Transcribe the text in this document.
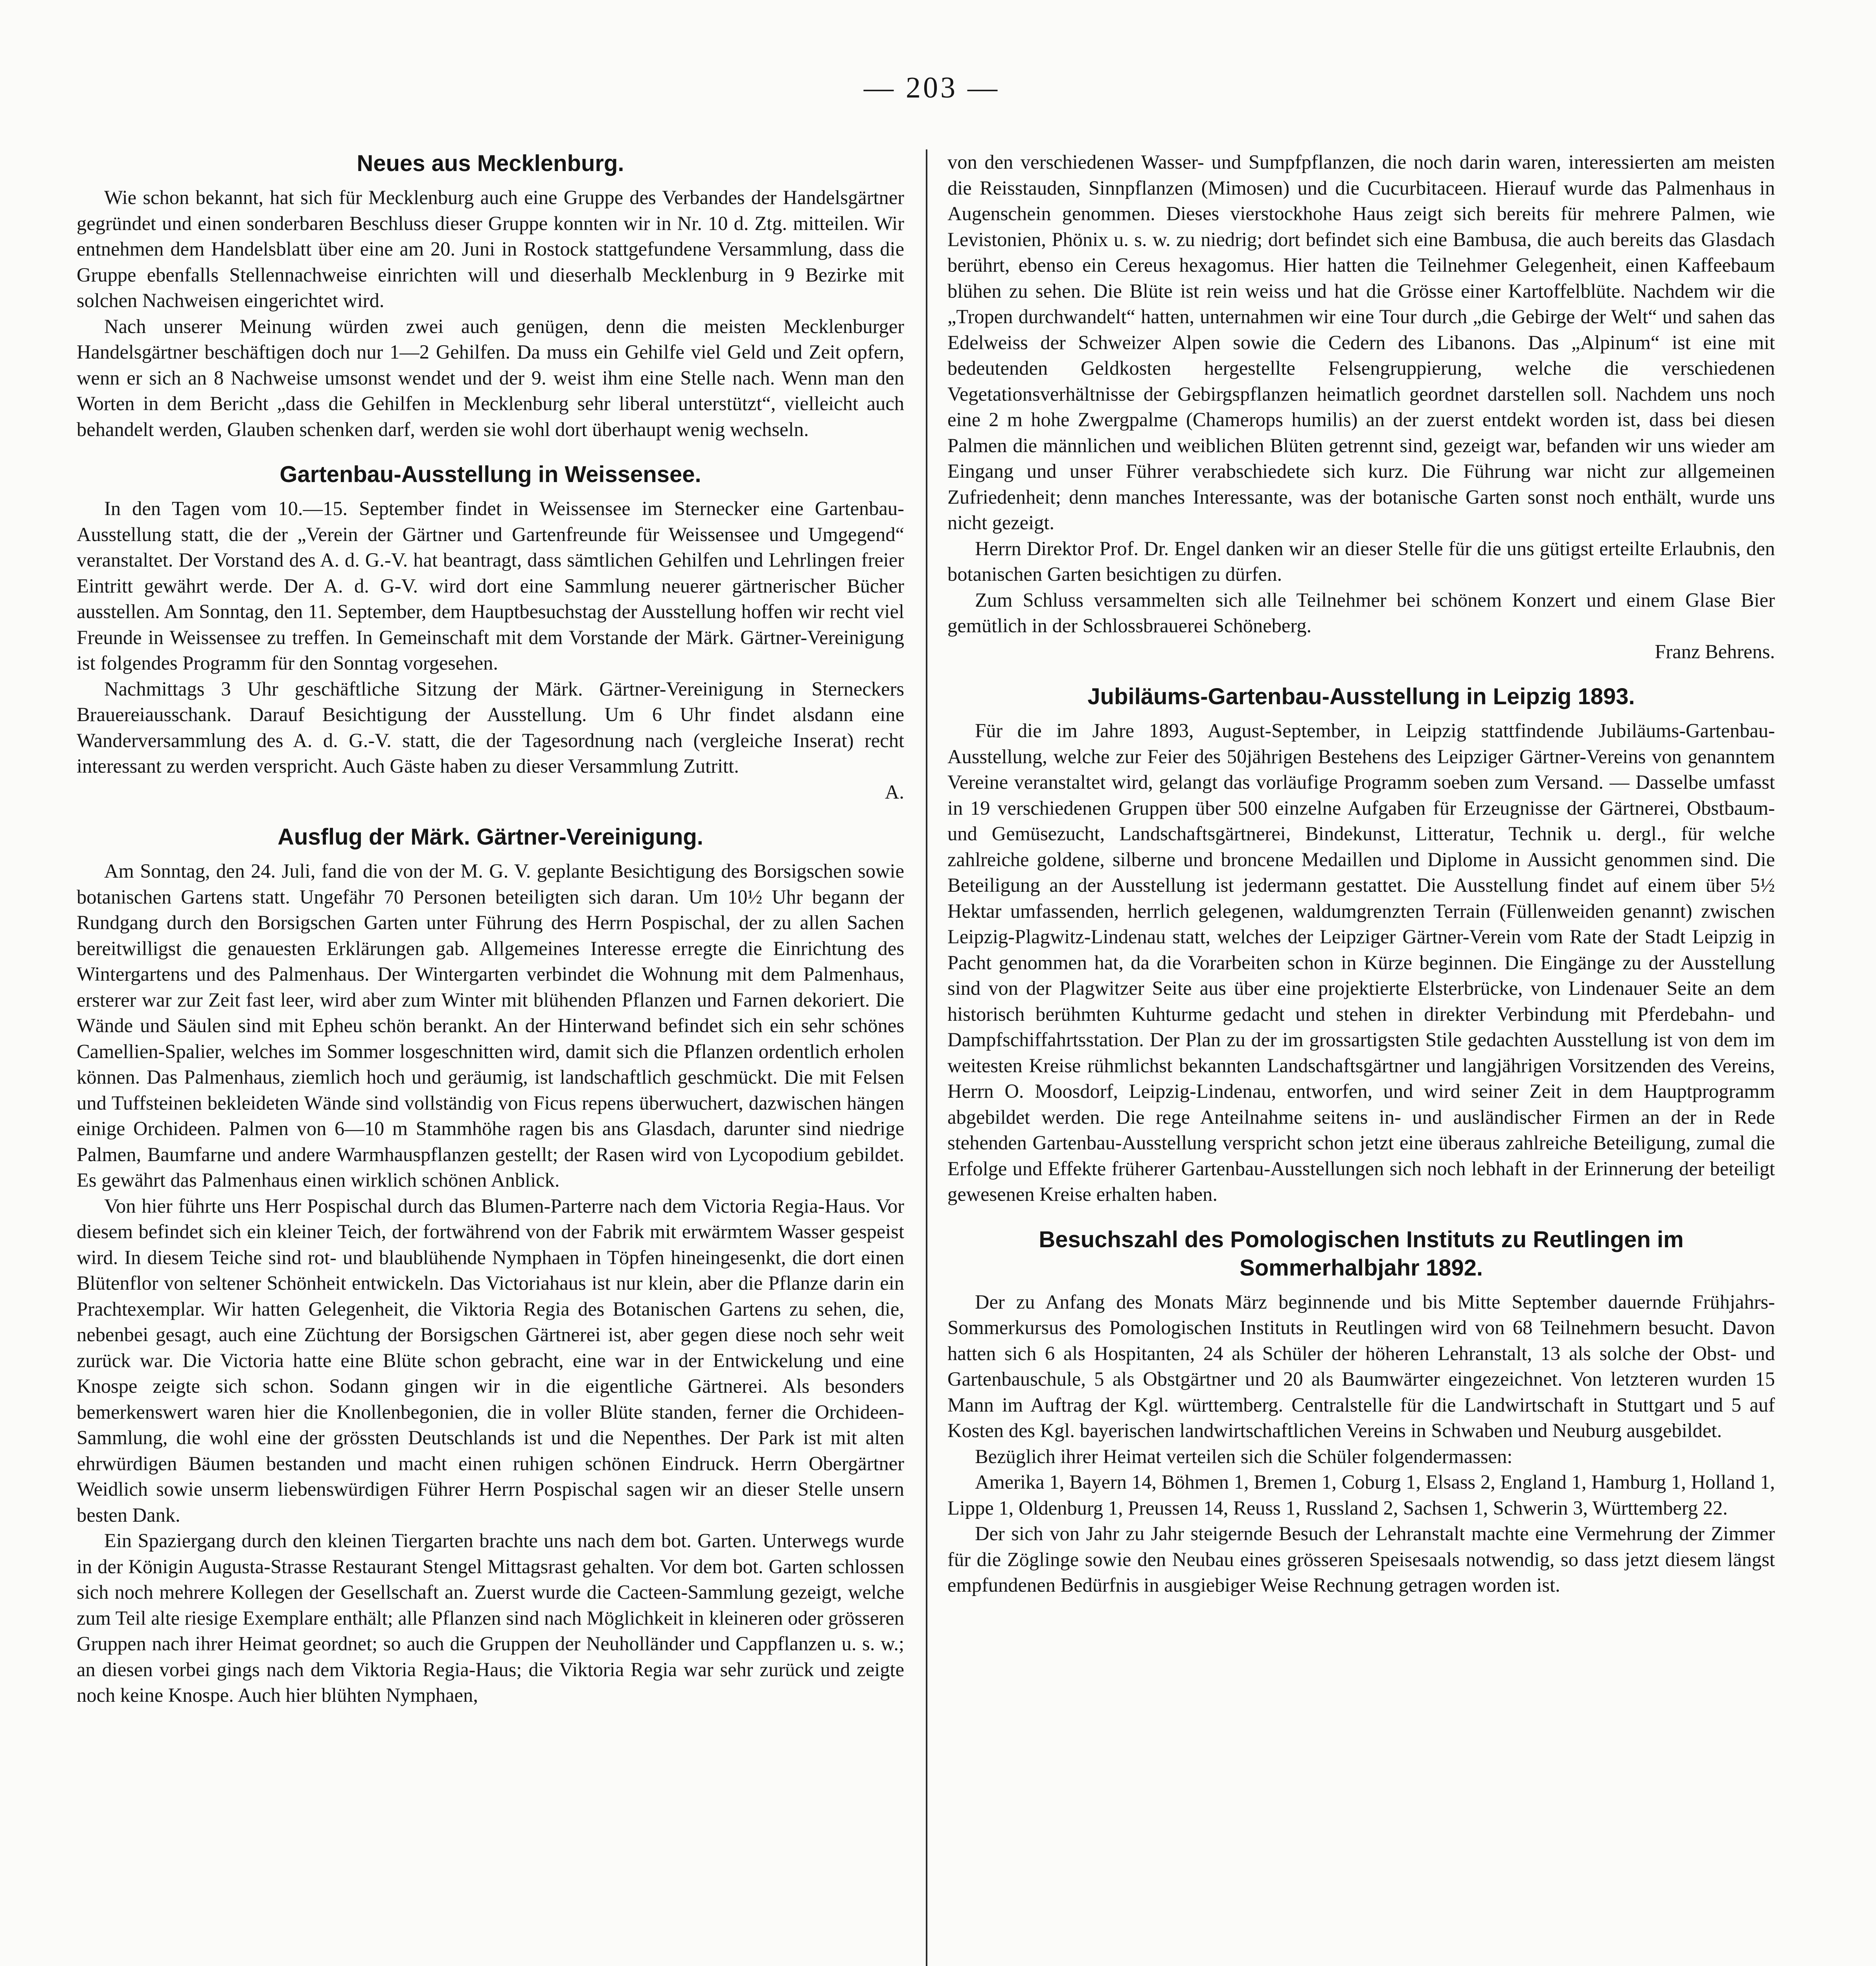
— 203 —
Neues aus Mecklenburg.

Wie schon bekannt, hat sich für Mecklenburg auch eine Gruppe des Verbandes der Handelsgärtner gegründet und einen sonderbaren Beschluss dieser Gruppe konnten wir in Nr. 10 d. Ztg. mitteilen. Wir entnehmen dem Handelsblatt über eine am 20. Juni in Rostock stattgefundene Versammlung, dass die Gruppe ebenfalls Stellennachweise einrichten will und dieserhalb Mecklenburg in 9 Bezirke mit solchen Nachweisen eingerichtet wird.

Nach unserer Meinung würden zwei auch genügen, denn die meisten Mecklenburger Handelsgärtner beschäftigen doch nur 1—2 Gehilfen. Da muss ein Gehilfe viel Geld und Zeit opfern, wenn er sich an 8 Nachweise umsonst wendet und der 9. weist ihm eine Stelle nach. Wenn man den Worten in dem Bericht „dass die Gehilfen in Mecklenburg sehr liberal unterstützt“, vielleicht auch behandelt werden, Glauben schenken darf, werden sie wohl dort überhaupt wenig wechseln.

Gartenbau-Ausstellung in Weissensee.

In den Tagen vom 10.—15. September findet in Weissensee im Sternecker eine Gartenbau-Ausstellung statt, die der „Verein der Gärtner und Gartenfreunde für Weissensee und Umgegend“ veranstaltet. Der Vorstand des A. d. G.-V. hat beantragt, dass sämtlichen Gehilfen und Lehrlingen freier Eintritt gewährt werde. Der A. d. G-V. wird dort eine Sammlung neuerer gärtnerischer Bücher ausstellen. Am Sonntag, den 11. September, dem Hauptbesuchstag der Ausstellung hoffen wir recht viel Freunde in Weissensee zu treffen. In Gemeinschaft mit dem Vorstande der Märk. Gärtner-Vereinigung ist folgendes Programm für den Sonntag vorgesehen.

Nachmittags 3 Uhr geschäftliche Sitzung der Märk. Gärtner-Vereinigung in Sterneckers Brauereiausschank. Darauf Besichtigung der Ausstellung. Um 6 Uhr findet alsdann eine Wanderversammlung des A. d. G.-V. statt, die der Tagesordnung nach (vergleiche Inserat) recht interessant zu werden verspricht. Auch Gäste haben zu dieser Versammlung Zutritt.

A.

Ausflug der Märk. Gärtner-Vereinigung.

Am Sonntag, den 24. Juli, fand die von der M. G. V. geplante Besichtigung des Borsigschen sowie botanischen Gartens statt. Ungefähr 70 Personen beteiligten sich daran. Um 10½ Uhr begann der Rundgang durch den Borsigschen Garten unter Führung des Herrn Pospischal, der zu allen Sachen bereitwilligst die genauesten Erklärungen gab. Allgemeines Interesse erregte die Einrichtung des Wintergartens und des Palmenhaus. Der Wintergarten verbindet die Wohnung mit dem Palmenhaus, ersterer war zur Zeit fast leer, wird aber zum Winter mit blühenden Pflanzen und Farnen dekoriert. Die Wände und Säulen sind mit Epheu schön berankt. An der Hinterwand befindet sich ein sehr schönes Camellien-Spalier, welches im Sommer losgeschnitten wird, damit sich die Pflanzen ordentlich erholen können. Das Palmenhaus, ziemlich hoch und geräumig, ist landschaftlich geschmückt. Die mit Felsen und Tuffsteinen bekleideten Wände sind vollständig von Ficus repens überwuchert, dazwischen hängen einige Orchideen. Palmen von 6—10 m Stammhöhe ragen bis ans Glasdach, darunter sind niedrige Palmen, Baumfarne und andere Warmhauspflanzen gestellt; der Rasen wird von Lycopodium gebildet. Es gewährt das Palmenhaus einen wirklich schönen Anblick.

Von hier führte uns Herr Pospischal durch das Blumen-Parterre nach dem Victoria Regia-Haus. Vor diesem befindet sich ein kleiner Teich, der fortwährend von der Fabrik mit erwärmtem Wasser gespeist wird. In diesem Teiche sind rot- und blaublühende Nymphaen in Töpfen hineingesenkt, die dort einen Blütenflor von seltener Schönheit entwickeln. Das Victoriahaus ist nur klein, aber die Pflanze darin ein Prachtexemplar. Wir hatten Gelegenheit, die Viktoria Regia des Botanischen Gartens zu sehen, die, nebenbei gesagt, auch eine Züchtung der Borsigschen Gärtnerei ist, aber gegen diese noch sehr weit zurück war. Die Victoria hatte eine Blüte schon gebracht, eine war in der Entwickelung und eine Knospe zeigte sich schon. Sodann gingen wir in die eigentliche Gärtnerei. Als besonders bemerkenswert waren hier die Knollenbegonien, die in voller Blüte standen, ferner die Orchideen-Sammlung, die wohl eine der grössten Deutschlands ist und die Nepenthes. Der Park ist mit alten ehrwürdigen Bäumen bestanden und macht einen ruhigen schönen Eindruck. Herrn Obergärtner Weidlich sowie unserm liebenswürdigen Führer Herrn Pospischal sagen wir an dieser Stelle unsern besten Dank.

Ein Spaziergang durch den kleinen Tiergarten brachte uns nach dem bot. Garten. Unterwegs wurde in der Königin Augusta-Strasse Restaurant Stengel Mittagsrast gehalten. Vor dem bot. Garten schlossen sich noch mehrere Kollegen der Gesellschaft an. Zuerst wurde die Cacteen-Sammlung gezeigt, welche zum Teil alte riesige Exemplare enthält; alle Pflanzen sind nach Möglichkeit in kleineren oder grösseren Gruppen nach ihrer Heimat geordnet; so auch die Gruppen der Neuholländer und Cappflanzen u. s. w.; an diesen vorbei gings nach dem Viktoria Regia-Haus; die Viktoria Regia war sehr zurück und zeigte noch keine Knospe. Auch hier blühten Nymphaen,

von den verschiedenen Wasser- und Sumpfpflanzen, die noch darin waren, interessierten am meisten die Reisstauden, Sinnpflanzen (Mimosen) und die Cucurbitaceen. Hierauf wurde das Palmenhaus in Augenschein genommen. Dieses vierstockhohe Haus zeigt sich bereits für mehrere Palmen, wie Levistonien, Phönix u. s. w. zu niedrig; dort befindet sich eine Bambusa, die auch bereits das Glasdach berührt, ebenso ein Cereus hexagomus. Hier hatten die Teilnehmer Gelegenheit, einen Kaffeebaum blühen zu sehen. Die Blüte ist rein weiss und hat die Grösse einer Kartoffelblüte. Nachdem wir die „Tropen durchwandelt“ hatten, unternahmen wir eine Tour durch „die Gebirge der Welt“ und sahen das Edelweiss der Schweizer Alpen sowie die Cedern des Libanons. Das „Alpinum“ ist eine mit bedeutenden Geldkosten hergestellte Felsengruppierung, welche die verschiedenen Vegetationsverhältnisse der Gebirgspflanzen heimatlich geordnet darstellen soll. Nachdem uns noch eine 2 m hohe Zwergpalme (Chamerops humilis) an der zuerst entdekt worden ist, dass bei diesen Palmen die männlichen und weiblichen Blüten getrennt sind, gezeigt war, befanden wir uns wieder am Eingang und unser Führer verabschiedete sich kurz. Die Führung war nicht zur allgemeinen Zufriedenheit; denn manches Interessante, was der botanische Garten sonst noch enthält, wurde uns nicht gezeigt.

Herrn Direktor Prof. Dr. Engel danken wir an dieser Stelle für die uns gütigst erteilte Erlaubnis, den botanischen Garten besichtigen zu dürfen.

Zum Schluss versammelten sich alle Teilnehmer bei schönem Konzert und einem Glase Bier gemütlich in der Schlossbrauerei Schöneberg.

Franz Behrens.

Jubiläums-Gartenbau-Ausstellung in Leipzig 1893.

Für die im Jahre 1893, August-September, in Leipzig stattfindende Jubiläums-Gartenbau-Ausstellung, welche zur Feier des 50jährigen Bestehens des Leipziger Gärtner-Vereins von genanntem Vereine veranstaltet wird, gelangt das vorläufige Programm soeben zum Versand. — Dasselbe umfasst in 19 verschiedenen Gruppen über 500 einzelne Aufgaben für Erzeugnisse der Gärtnerei, Obstbaum- und Gemüsezucht, Landschaftsgärtnerei, Bindekunst, Litteratur, Technik u. dergl., für welche zahlreiche goldene, silberne und broncene Medaillen und Diplome in Aussicht genommen sind. Die Beteiligung an der Ausstellung ist jedermann gestattet. Die Ausstellung findet auf einem über 5½ Hektar umfassenden, herrlich gelegenen, waldumgrenzten Terrain (Füllenweiden genannt) zwischen Leipzig-Plagwitz-Lindenau statt, welches der Leipziger Gärtner-Verein vom Rate der Stadt Leipzig in Pacht genommen hat, da die Vorarbeiten schon in Kürze beginnen. Die Eingänge zu der Ausstellung sind von der Plagwitzer Seite aus über eine projektierte Elsterbrücke, von Lindenauer Seite an dem historisch berühmten Kuhturme gedacht und stehen in direkter Verbindung mit Pferdebahn- und Dampfschiffahrtsstation. Der Plan zu der im grossartigsten Stile gedachten Ausstellung ist von dem im weitesten Kreise rühmlichst bekannten Landschaftsgärtner und langjährigen Vorsitzenden des Vereins, Herrn O. Moosdorf, Leipzig-Lindenau, entworfen, und wird seiner Zeit in dem Hauptprogramm abgebildet werden. Die rege Anteilnahme seitens in- und ausländischer Firmen an der in Rede stehenden Gartenbau-Ausstellung verspricht schon jetzt eine überaus zahlreiche Beteiligung, zumal die Erfolge und Effekte früherer Gartenbau-Ausstellungen sich noch lebhaft in der Erinnerung der beteiligt gewesenen Kreise erhalten haben.

Besuchszahl des Pomologischen Instituts zu Reutlingen im Sommerhalbjahr 1892.

Der zu Anfang des Monats März beginnende und bis Mitte September dauernde Frühjahrs-Sommerkursus des Pomologischen Instituts in Reutlingen wird von 68 Teilnehmern besucht. Davon hatten sich 6 als Hospitanten, 24 als Schüler der höheren Lehranstalt, 13 als solche der Obst- und Gartenbauschule, 5 als Obstgärtner und 20 als Baumwärter eingezeichnet. Von letzteren wurden 15 Mann im Auftrag der Kgl. württemberg. Centralstelle für die Landwirtschaft in Stuttgart und 5 auf Kosten des Kgl. bayerischen landwirtschaftlichen Vereins in Schwaben und Neuburg ausgebildet.

Bezüglich ihrer Heimat verteilen sich die Schüler folgendermassen:

Amerika 1, Bayern 14, Böhmen 1, Bremen 1, Coburg 1, Elsass 2, England 1, Hamburg 1, Holland 1, Lippe 1, Oldenburg 1, Preussen 14, Reuss 1, Russland 2, Sachsen 1, Schwerin 3, Württemberg 22.

Der sich von Jahr zu Jahr steigernde Besuch der Lehranstalt machte eine Vermehrung der Zimmer für die Zöglinge sowie den Neubau eines grösseren Speisesaals notwendig, so dass jetzt diesem längst empfundenen Bedürfnis in ausgiebiger Weise Rechnung getragen worden ist.
